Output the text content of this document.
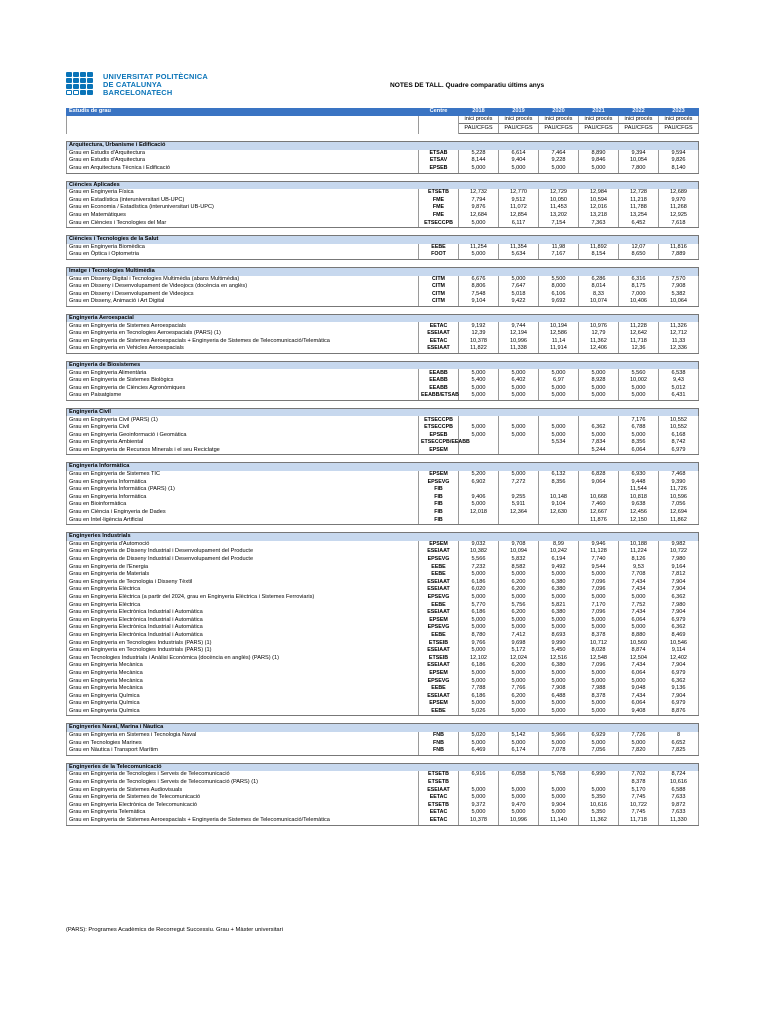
UNIVERSITAT POLITÈCNICA
DE CATALUNYA
BARCELONATECH
NOTES DE TALL. Quadre comparatiu últims anys
Estudis de grau	Centre	2018	2019	2020	2021	2022	2023
		inici procés	inici procés	inici procés	inici procés	inici procés	inici procés
		PAU/CFGS	PAU/CFGS	PAU/CFGS	PAU/CFGS	PAU/CFGS	PAU/CFGS

Arquitectura, Urbanisme i Edificació							
Grau en Estudis d'Arquitectura	ETSAB	5,228	6,614	7,464	8,890	9,394	9,594
Grau en Estudis d'Arquitectura	ETSAV	8,144	9,404	9,228	9,846	10,054	9,826
Grau en Arquitectura Tècnica i Edificació	EPSEB	5,000	5,000	5,000	5,000	7,800	8,140

Ciències Aplicades							
Grau en Enginyeria Física	ETSETB	12,732	12,770	12,729	12,984	12,728	12,689
Grau en Estadística (interuniversitari UB-UPC)	FME	7,794	9,512	10,050	10,594	11,218	9,970
Grau en Economia / Estadística (interuniversitari UB-UPC)	FME	9,876	11,072	11,453	12,016	11,788	11,268
Grau en Matemàtiques	FME	12,684	12,854	13,202	13,218	13,254	12,925
Grau en Ciències i Tecnologies del Mar	ETSECCPB	5,000	6,117	7,154	7,363	6,452	7,618

Ciències i Tecnologies de la Salut							
Grau en Enginyeria Biomèdica	EEBE	11,254	11,354	11,98	11,892	12,07	11,816
Grau en Òptica i Optometria	FOOT	5,000	5,634	7,167	8,154	8,650	7,889

Imatge i Tecnologies Multimèdia							
Grau en Disseny Digital i Tecnologies Multimèdia (abans Multimèdia)	CITM	6,676	5,000	5,500	6,286	6,316	7,570
Grau en Disseny i Desenvolupament de Videojocs (docència en anglès)	CITM	8,806	7,647	8,000	8,014	8,175	7,908
Grau en Disseny i Desenvolupament de Videojocs	CITM	7,548	5,018	6,106	8,33	7,000	5,382
Grau en Disseny, Animació i Art Digital	CITM	9,104	9,422	9,692	10,074	10,406	10,064

Enginyeria Aeroespacial							
Grau en Enginyeria de Sistemes Aeroespacials	EETAC	9,192	9,744	10,194	10,976	11,228	11,326
Grau en Enginyeria en Tecnologies Aeroespacials (PARS) (1)	ESEIAAT	12,39	12,194	12,586	12,79	12,642	12,712
Grau en Enginyeria de Sistemes Aeroespacials + Enginyeria de Sistemes de Telecomunicació/Telemàtica	EETAC	10,378	10,996	11,14	11,362	11,718	11,33
Grau en Enginyeria en Vehicles Aeroespacials	ESEIAAT	11,822	11,338	11,914	12,406	12,36	12,336

Enginyeria de Biosistemes							
Grau en Enginyeria Alimentària	EEABB	5,000	5,000	5,000	5,000	5,560	6,538
Grau en Enginyeria de Sistemes Biològics	EEABB	5,400	6,402	6,97	8,928	10,002	9,43
Grau en Enginyeria de Ciències Agronòmiques	EEABB	5,000	5,000	5,000	5,000	5,000	5,012
Grau en Paisatgisme	EEABB/ETSAB	5,000	5,000	5,000	5,000	5,000	6,431

Enginyeria Civil							
Grau en Enginyeria Civil (PARS) (1)	ETSECCPB					7,176	10,552
Grau en Enginyeria Civil	ETSECCPB	5,000	5,000	5,000	6,362	6,788	10,552
Grau en Enginyeria Geoinformació i Geomàtica	EPSEB	5,000	5,000	5,000	5,000	5,000	6,168
Grau en Enginyeria Ambiental	ETSECCPB/EEABB			5,534	7,834	8,356	8,742
Grau en Enginyeria de Recursos Minerals i el seu Reciclatge	EPSEM				5,244	6,064	6,979

Enginyeria Informàtica							
Grau en Enginyeria de Sistemes TIC	EPSEM	5,200	5,000	6,132	6,828	6,930	7,468
Grau en Enginyeria Informàtica	EPSEVG	6,902	7,272	8,356	9,064	9,448	9,390
Grau en Enginyeria Informàtica (PARS) (1)	FIB					11,544	11,726
Grau en Enginyeria Informàtica	FIB	9,406	9,255	10,148	10,668	10,818	10,596
Grau en Bioinformàtica	FIB	5,000	5,911	9,104	7,460	9,638	7,056
Grau en Ciència i Enginyeria de Dades	FIB	12,018	12,364	12,630	12,667	12,456	12,694
Grau en Intel·ligència Artificial	FIB				11,876	12,150	11,862

Enginyeries Industrials							
Grau en Enginyeria d'Automoció	EPSEM	9,032	9,708	8,99	9,946	10,188	9,982
Grau en Enginyeria de Disseny Industrial i Desenvolupament del Producte	ESEIAAT	10,382	10,094	10,242	11,128	11,224	10,722
Grau en Enginyeria de Disseny Industrial i Desenvolupament del Producte	EPSEVG	5,566	5,832	6,194	7,740	8,126	7,980
Grau en Enginyeria de l'Energia	EEBE	7,232	8,582	9,492	9,544	9,53	9,164
Grau en Enginyeria de Materials	EEBE	5,000	5,000	5,000	5,000	7,708	7,812
Grau en Enginyeria de Tecnologia i Disseny Tèxtil	ESEIAAT	6,186	6,200	6,380	7,096	7,434	7,904
Grau en Enginyeria Elèctrica	ESEIAAT	6,020	6,200	6,380	7,096	7,434	7,904
Grau en Enginyeria Elèctrica (a partir del 2024, grau en Enginyeria Elèctrica i Sistemes Ferroviaris)	EPSEVG	5,000	5,000	5,000	5,000	5,000	6,362
Grau en Enginyeria Elèctrica	EEBE	5,770	5,756	5,821	7,170	7,752	7,980
Grau en Enginyeria Electrònica Industrial i Automàtica	ESEIAAT	6,186	6,200	6,380	7,096	7,434	7,904
Grau en Enginyeria Electrònica Industrial i Automàtica	EPSEM	5,000	5,000	5,000	5,000	6,064	6,979
Grau en Enginyeria Electrònica Industrial i Automàtica	EPSEVG	5,000	5,000	5,000	5,000	5,000	6,362
Grau en Enginyeria Electrònica Industrial i Automàtica	EEBE	8,780	7,412	8,693	8,378	8,880	8,469
Grau en Enginyeria en Tecnologies Industrials (PARS) (1)	ETSEIB	9,766	9,698	9,990	10,712	10,560	10,546
Grau en Enginyeria en Tecnologies Industrials (PARS) (1)	ESEIAAT	5,000	5,172	5,450	8,028	8,874	9,114
Grau en Tecnologies Industrials i Anàlisi Econòmica (docència en anglès) (PARS) (1)	ETSEIB	12,102	12,024	12,516	12,548	12,504	12,402
Grau en Enginyeria Mecànica	ESEIAAT	6,186	6,200	6,380	7,096	7,434	7,904
Grau en Enginyeria Mecànica	EPSEM	5,000	5,000	5,000	5,000	6,064	6,979
Grau en Enginyeria Mecànica	EPSEVG	5,000	5,000	5,000	5,000	5,000	6,362
Grau en Enginyeria Mecànica	EEBE	7,788	7,766	7,908	7,988	9,048	9,136
Grau en Enginyeria Química	ESEIAAT	6,186	6,200	6,488	8,378	7,434	7,904
Grau en Enginyeria Química	EPSEM	5,000	5,000	5,000	5,000	6,064	6,979
Grau en Enginyeria Química	EEBE	5,026	5,000	5,000	5,000	9,408	8,876

Enginyeries Naval, Marina i Nàutica							
Grau en Enginyeria en Sistemes i Tecnologia Naval	FNB	5,020	5,142	5,966	6,929	7,726	8
Grau en Tecnologies Marines	FNB	5,000	5,000	5,000	5,000	5,000	6,652
Grau en Nàutica i Transport Marítim	FNB	6,469	6,174	7,078	7,056	7,820	7,825

Enginyeries de la Telecomunicació							
Grau en Enginyeria de Tecnologies i Serveis de Telecomunicació	ETSETB	6,916	6,058	5,768	6,990	7,702	8,724
Grau en Enginyeria de Tecnologies i Serveis de Telecomunicació (PARS) (1)	ETSETB					8,378	10,616
Grau en Enginyeria de Sistemes Audiovisuals	ESEIAAT	5,000	5,000	5,000	5,000	5,170	6,588
Grau en Enginyeria de Sistemes de Telecomunicació	EETAC	5,000	5,000	5,000	5,350	7,745	7,633
Grau en Enginyeria Electrònica de Telecomunicació	ETSETB	9,372	9,470	9,904	10,616	10,722	9,872
Grau en Enginyeria Telemàtica	EETAC	5,000	5,000	5,000	5,350	7,745	7,633
Grau en Enginyeria de Sistemes Aeroespacials + Enginyeria de Sistemes de Telecomunicació/Telemàtica	EETAC	10,378	10,996	11,140	11,362	11,718	11,330
(PARS): Programes Acadèmics de Recorregut Successiu. Grau + Màster universitari
